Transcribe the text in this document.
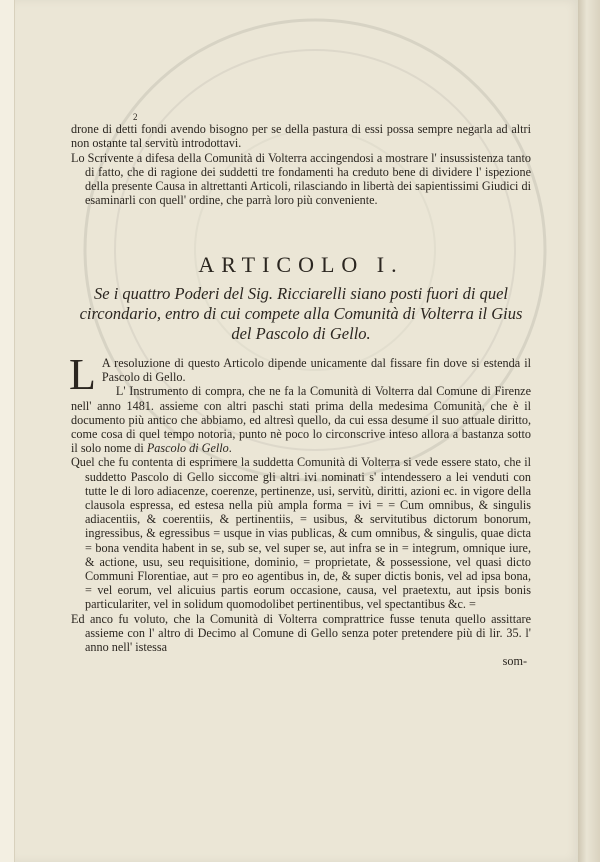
2

drone di detti fondi avendo bisogno per se della pastura di essi possa sempre negarla ad altri non ostante tal servitù introdottavi.

Lo Scrivente a difesa della Comunità di Volterra accingendosi a mostrare l' insussistenza tanto di fatto, che di ragione dei suddetti tre fondamenti ha creduto bene di dividere l' ispezione della presente Causa in altrettanti Articoli, rilasciando in libertà dei sapientissimi Giudici di esaminarli con quell' ordine, che parrà loro più conveniente.

ARTICOLO I.
Se i quattro Poderi del Sig. Ricciarelli siano posti fuori di quel circondario, entro di cui compete alla Comunità di Volterra il Gius del Pascolo di Gello.

L A resoluzione di questo Articolo dipende unicamente dal fissare fin dove si estenda il Pascolo di Gello.

L' Instrumento di compra, che ne fa la Comunità di Volterra dal Comune di Firenze nell' anno 1481. assieme con altri paschi stati prima della medesima Comunità, che è il documento più antico che abbiamo, ed altresì quello, da cui essa desume il suo attuale diritto, come cosa di quel tempo notoria, punto nè poco lo circonscrive inteso allora a bastanza sotto il solo nome di Pascolo di Gello.

Quel che fu contenta di esprimere la suddetta Comunità di Volterra si vede essere stato, che il suddetto Pascolo di Gello siccome gli altri ivi nominati s' intendessero a lei venduti con tutte le di loro adiacenze, coerenze, pertinenze, usi, servitù, diritti, azioni ec. in vigore della clausola espressa, ed estesa nella più ampla forma = ivi = = Cum omnibus, & singulis adiacentiis, & coerentiis, & pertinentiis, = usibus, & servitutibus dictorum bonorum, ingressibus, & egressibus = usque in vias publicas, & cum omnibus, & singulis, quae dicta = bona vendita habent in se, sub se, vel super se, aut infra se in = integrum, omnique iure, & actione, usu, seu requisitione, dominio, = proprietate, & possessione, vel quasi dicto Communi Florentiae, aut = pro eo agentibus in, de, & super dictis bonis, vel ad ipsa bona, = vel eorum, vel alicuius partis eorum occasione, causa, vel praetextu, aut ipsis bonis particulariter, vel in solidum quomodolibet pertinentibus, vel spectantibus &c. =

Ed anco fu voluto, che la Comunità di Volterra comprattrice fusse tenuta quello assittare assieme con l' altro di Decimo al Comune di Gello senza poter pretendere più di lir. 35. l' anno nell' istessa

som-
